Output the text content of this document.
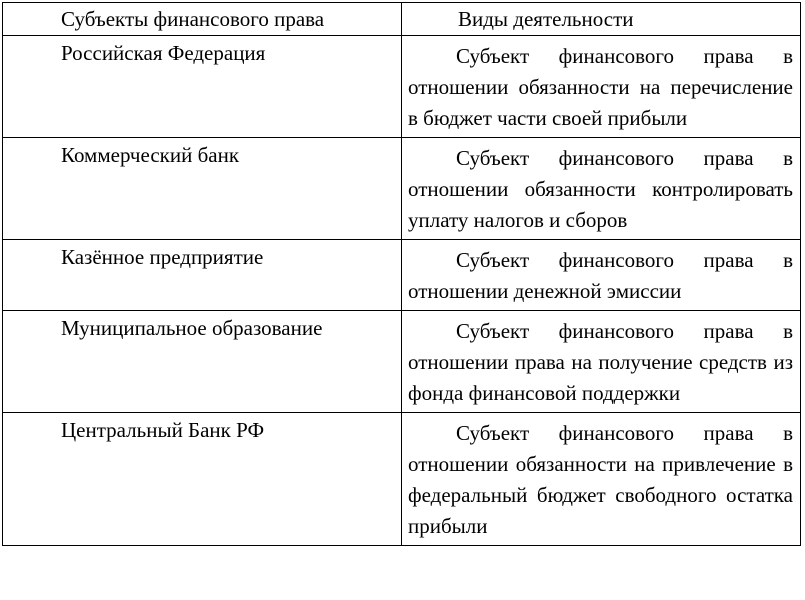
Субъекты финансового права	Виды деятельности
Российская Федерация	Субъект финансового права в отношении обязанности на перечисление в бюджет части своей прибыли

Коммерческий банк	Субъект финансового права в отношении обязанности контролировать уплату налогов и сборов

Казённое предприятие	Субъект финансового права в отношении денежной эмиссии

Муниципальное образование	Субъект финансового права в отношении права на получение средств из фонда финансовой поддержки

Центральный Банк РФ	Субъект финансового права в отношении обязанности на привлечение в федеральный бюджет свободного остатка прибыли
